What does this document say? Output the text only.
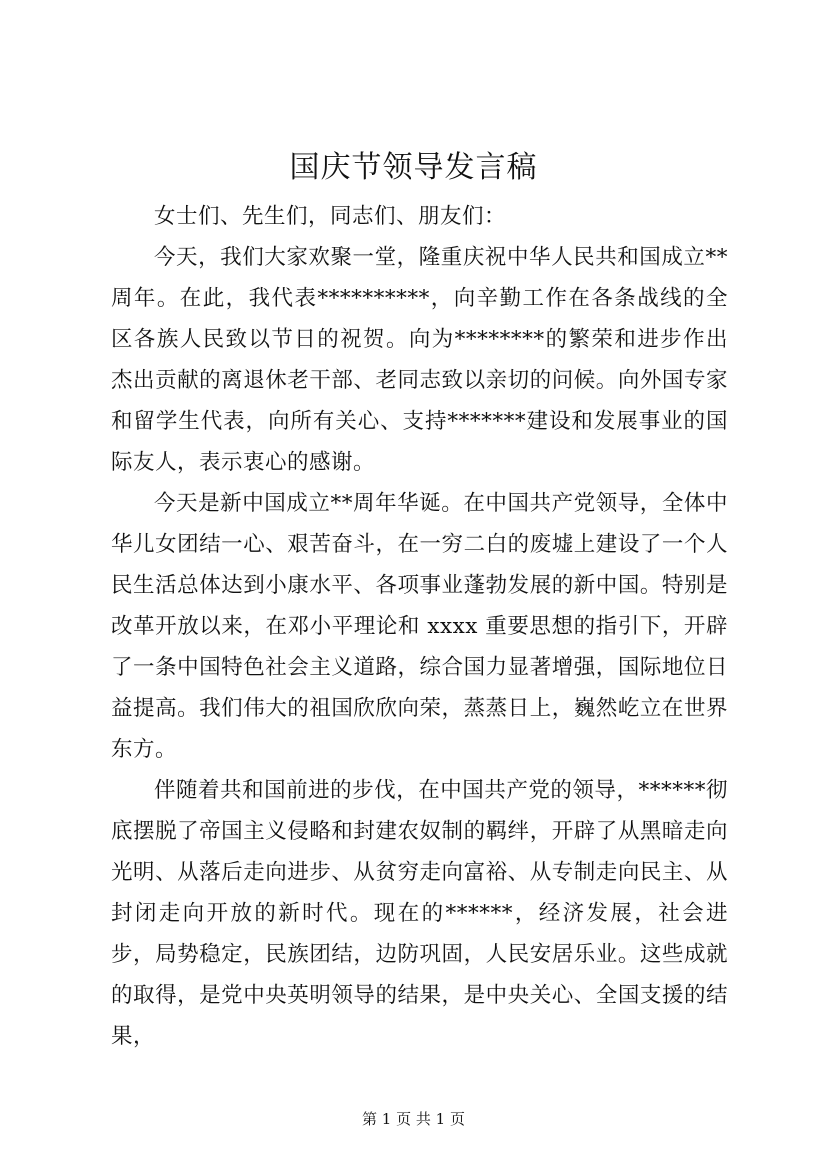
国庆节领导发言稿

女士们、先生们，同志们、朋友们：

今天，我们大家欢聚一堂，隆重庆祝中华人民共和国成立**周年。在此，我代表**********，向辛勤工作在各条战线的全区各族人民致以节日的祝贺。向为********的繁荣和进步作出杰出贡献的离退休老干部、老同志致以亲切的问候。向外国专家和留学生代表，向所有关心、支持*******建设和发展事业的国际友人，表示衷心的感谢。

今天是新中国成立**周年华诞。在中国共产党领导，全体中华儿女团结一心、艰苦奋斗，在一穷二白的废墟上建设了一个人民生活总体达到小康水平、各项事业蓬勃发展的新中国。特别是改革开放以来，在邓小平理论和 xxxx 重要思想的指引下，开辟了一条中国特色社会主义道路，综合国力显著增强，国际地位日益提高。我们伟大的祖国欣欣向荣，蒸蒸日上，巍然屹立在世界东方。

伴随着共和国前进的步伐，在中国共产党的领导，******彻底摆脱了帝国主义侵略和封建农奴制的羁绊，开辟了从黑暗走向光明、从落后走向进步、从贫穷走向富裕、从专制走向民主、从封闭走向开放的新时代。现在的******，经济发展，社会进步，局势稳定，民族团结，边防巩固，人民安居乐业。这些成就的取得，是党中央英明领导的结果，是中央关心、全国支援的结果，

第 1 页 共 1 页
